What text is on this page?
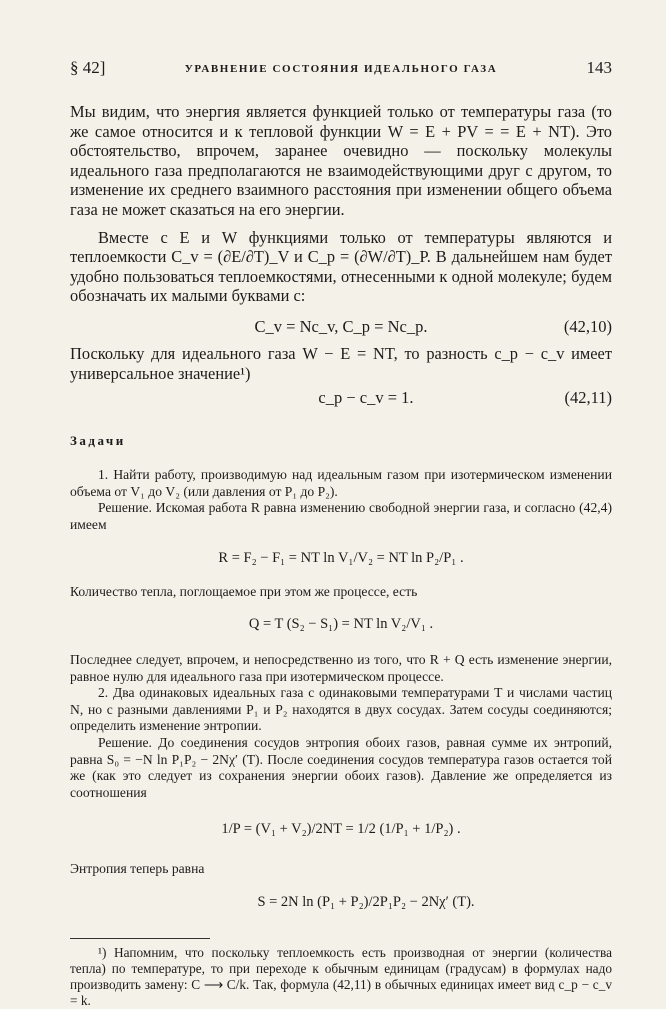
§ 42]	УРАВНЕНИЕ СОСТОЯНИЯ ИДЕАЛЬНОГО ГАЗА	143

Мы видим, что энергия является функцией только от температуры газа (то же самое относится и к тепловой функции W = E + PV = = E + NT). Это обстоятельство, впрочем, заранее очевидно — поскольку молекулы идеального газа предполагаются не взаимодействующими друг с другом, то изменение их среднего взаимного расстояния при изменении общего объема газа не может сказаться на его энергии.

Вместе с E и W функциями только от температуры являются и теплоемкости C_v = (∂E/∂T)_V и C_p = (∂W/∂T)_P. В дальнейшем нам будет удобно пользоваться теплоемкостями, отнесенными к одной молекуле; будем обозначать их малыми буквами c:

C_v = Nc_v, C_p = Nc_p.	(42,10)

Поскольку для идеального газа W − E = NT, то разность c_p − c_v имеет универсальное значение¹)

c_p − c_v = 1.	(42,11)
Задачи

1. Найти работу, производимую над идеальным газом при изотермическом изменении объема от V₁ до V₂ (или давления от P₁ до P₂).

Решение. Искомая работа R равна изменению свободной энергии газа, и согласно (42,4) имеем

R = F₂ − F₁ = NT ln V₁/V₂ = NT ln P₂/P₁ .

Количество тепла, поглощаемое при этом же процессе, есть

Q = T (S₂ − S₁) = NT ln V₂/V₁ .

Последнее следует, впрочем, и непосредственно из того, что R + Q есть изменение энергии, равное нулю для идеального газа при изотермическом процессе.

2. Два одинаковых идеальных газа с одинаковыми температурами T и числами частиц N, но с разными давлениями P₁ и P₂ находятся в двух сосудах. Затем сосуды соединяются; определить изменение энтропии.

Решение. До соединения сосудов энтропия обоих газов, равная сумме их энтропий, равна S₀ = −N ln P₁P₂ − 2Nχ′ (T). После соединения сосудов температура газов остается той же (как это следует из сохранения энергии обоих газов). Давление же определяется из соотношения

1/P = (V₁ + V₂)/2NT = 1/2 (1/P₁ + 1/P₂) .

Энтропия теперь равна

S = 2N ln (P₁ + P₂)/2P₁P₂ − 2Nχ′ (T).

¹) Напомним, что поскольку теплоемкость есть производная от энергии (количества тепла) по температуре, то при переходе к обычным единицам (градусам) в формулах надо производить замену: C ⟶ C/k. Так, формула (42,11) в обычных единицах имеет вид c_p − c_v = k.
